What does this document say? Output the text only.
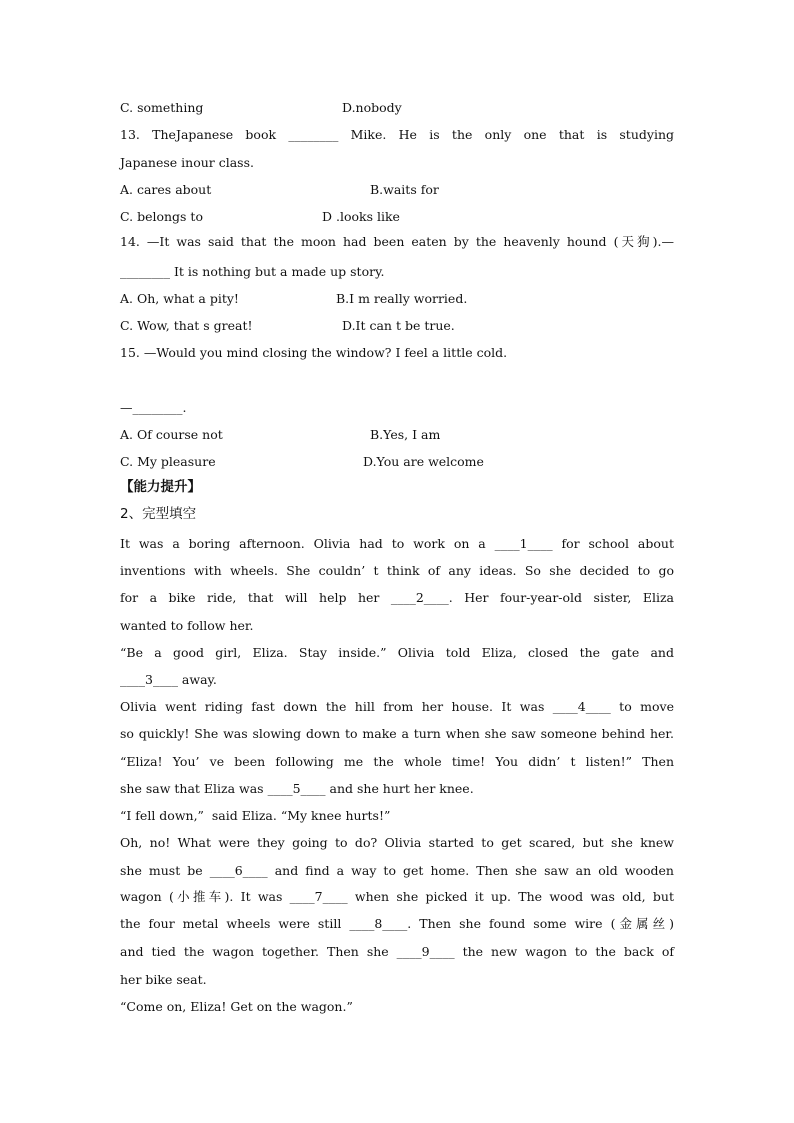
C. something	D.nobody
13. TheJapanese book ________ Mike. He is the only one that is studying
Japanese inour class.
A. cares about	B.waits for
C. belongs to	D .looks like
14. —It was said that the moon had been eaten by the heavenly hound (天狗).—
________ It is nothing but a made up story.
A. Oh, what a pity!	B.I m really worried.
C. Wow, that s great!	D.It can t be true.
15. —Would you mind closing the window? I feel a little cold.
—________.
A. Of course not	B.Yes, I am
C. My pleasure	D.You are welcome
【能力提升】
2、完型填空
It was a boring afternoon. Olivia had to work on a ____1____ for school about
inventions with wheels. She couldn’ t think of any ideas. So she decided to go
for a bike ride, that will help her ____2____. Her four-year-old sister, Eliza
wanted to follow her.
“Be a good girl, Eliza. Stay inside.” Olivia told Eliza, closed the gate and
____3____ away.
Olivia went riding fast down the hill from her house. It was ____4____ to move
so quickly! She was slowing down to make a turn when she saw someone behind her.
“Eliza! You’ ve been following me the whole time! You didn’ t listen!” Then
she saw that Eliza was ____5____ and she hurt her knee.
“I fell down,”  said Eliza. “My knee hurts!”
Oh, no! What were they going to do? Olivia started to get scared, but she knew
she must be ____6____ and find a way to get home. Then she saw an old wooden
wagon (小推车). It was ____7____ when she picked it up. The wood was old, but
the four metal wheels were still ____8____. Then she found some wire (金属丝)
and tied the wagon together. Then she ____9____ the new wagon to the back of
her bike seat.
“Come on, Eliza! Get on the wagon.”
